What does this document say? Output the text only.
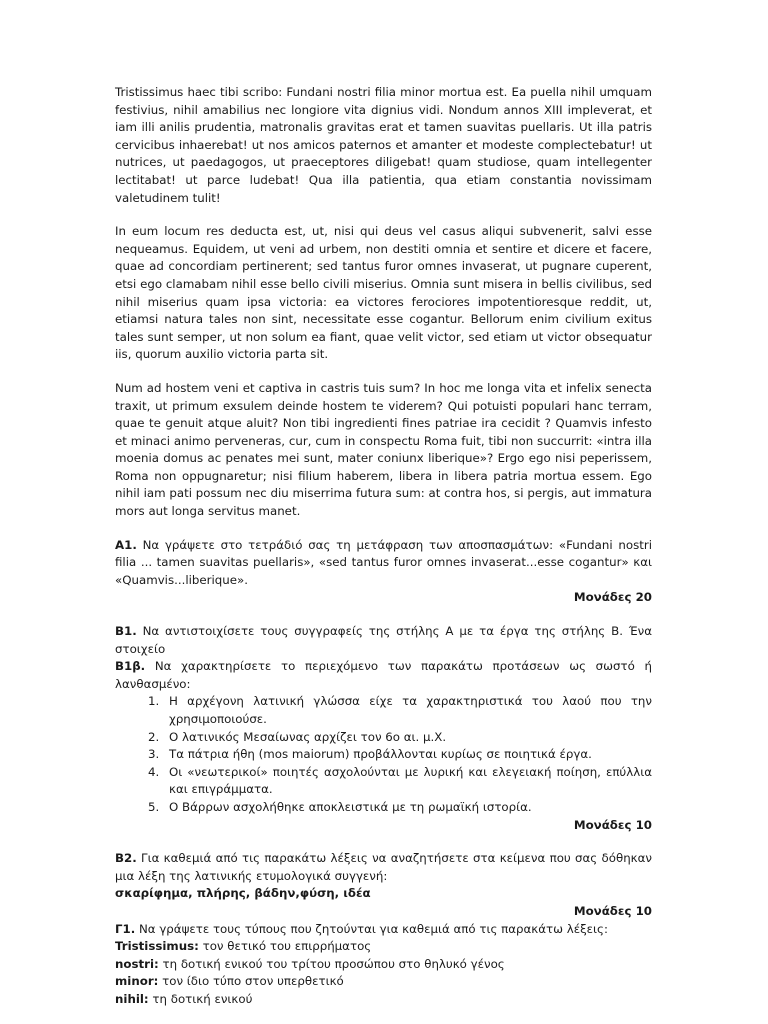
Tristissimus haec tibi scribo: Fundani nostri filia minor mortua est. Ea puella nihil umquam festivius, nihil amabilius nec longiore vita dignius vidi. Nondum annos XIII impleverat, et iam illi anilis prudentia, matronalis gravitas erat et tamen suavitas puellaris. Ut illa patris cervicibus inhaerebat! ut nos amicos paternos et amanter et modeste complectebatur! ut nutrices, ut paedagogos, ut praeceptores diligebat! quam studiose, quam intellegenter lectitabat! ut parce ludebat! Qua illa patientia, qua etiam constantia novissimam valetudinem tulit!

In eum locum res deducta est, ut, nisi qui deus vel casus aliqui subvenerit, salvi esse nequeamus. Equidem, ut veni ad urbem, non destiti omnia et sentire et dicere et facere, quae ad concordiam pertinerent; sed tantus furor omnes invaserat, ut pugnare cuperent, etsi ego clamabam nihil esse bello civili miserius. Omnia sunt misera in bellis civilibus, sed nihil miserius quam ipsa victoria: ea victores ferociores impotentioresque reddit, ut, etiamsi natura tales non sint, necessitate esse cogantur. Bellorum enim civilium exitus tales sunt semper, ut non solum ea fiant, quae velit victor, sed etiam ut victor obsequatur iis, quorum auxilio victoria parta sit.

Num ad hostem veni et captiva in castris tuis sum? In hoc me longa vita et infelix senecta traxit, ut primum exsulem deinde hostem te viderem? Qui potuisti populari hanc terram, quae te genuit atque aluit? Non tibi ingredienti fines patriae ira cecidit ? Quamvis infesto et minaci animo perveneras, cur, cum in conspectu Roma fuit, tibi non succurrit: «intra illa moenia domus ac penates mei sunt, mater coniunx liberique»? Ergo ego nisi peperissem, Roma non oppugnaretur; nisi filium haberem, libera in libera patria mortua essem. Ego nihil iam pati possum nec diu miserrima futura sum: at contra hos, si pergis, aut immatura mors aut longa servitus manet.

A1. Να γράψετε στο τετράδιό σας τη μετάφραση των αποσπασμάτων: «Fundani nostri filia ... tamen suavitas puellaris», «sed tantus furor omnes invaserat...esse cogantur» και «Quamvis...liberique».

Μονάδες 20

B1. Να αντιστοιχίσετε τους συγγραφείς της στήλης Α με τα έργα της στήλης Β. Ένα στοιχείο

B1β. Να χαρακτηρίσετε το περιεχόμενο των παρακάτω προτάσεων ως σωστό ή λανθασμένο:

1. Η αρχέγονη λατινική γλώσσα είχε τα χαρακτηριστικά του λαού που την χρησιμοποιούσε.
2. Ο λατινικός Μεσαίωνας αρχίζει τον 6ο αι. μ.Χ.
3. Τα πάτρια ήθη (mos maiorum) προβάλλονται κυρίως σε ποιητικά έργα.
4. Οι «νεωτερικοί» ποιητές ασχολούνται με λυρική και ελεγειακή ποίηση, επύλλια και επιγράμματα.
5. Ο Βάρρων ασχολήθηκε αποκλειστικά με τη ρωμαϊκή ιστορία.

Μονάδες 10

B2. Για καθεμιά από τις παρακάτω λέξεις να αναζητήσετε στα κείμενα που σας δόθηκαν μια λέξη της λατινικής ετυμολογικά συγγενή:

σκαρίφημα, πλήρης, βάδην,φύση, ιδέα

Μονάδες 10

Γ1. Να γράψετε τους τύπους που ζητούνται για καθεμιά από τις παρακάτω λέξεις:

Tristissimus: τον θετικό του επιρρήματος

nostri: τη δοτική ενικού του τρίτου προσώπου στο θηλυκό γένος

minor: τον ίδιο τύπο στον υπερθετικό

nihil: τη δοτική ενικού
